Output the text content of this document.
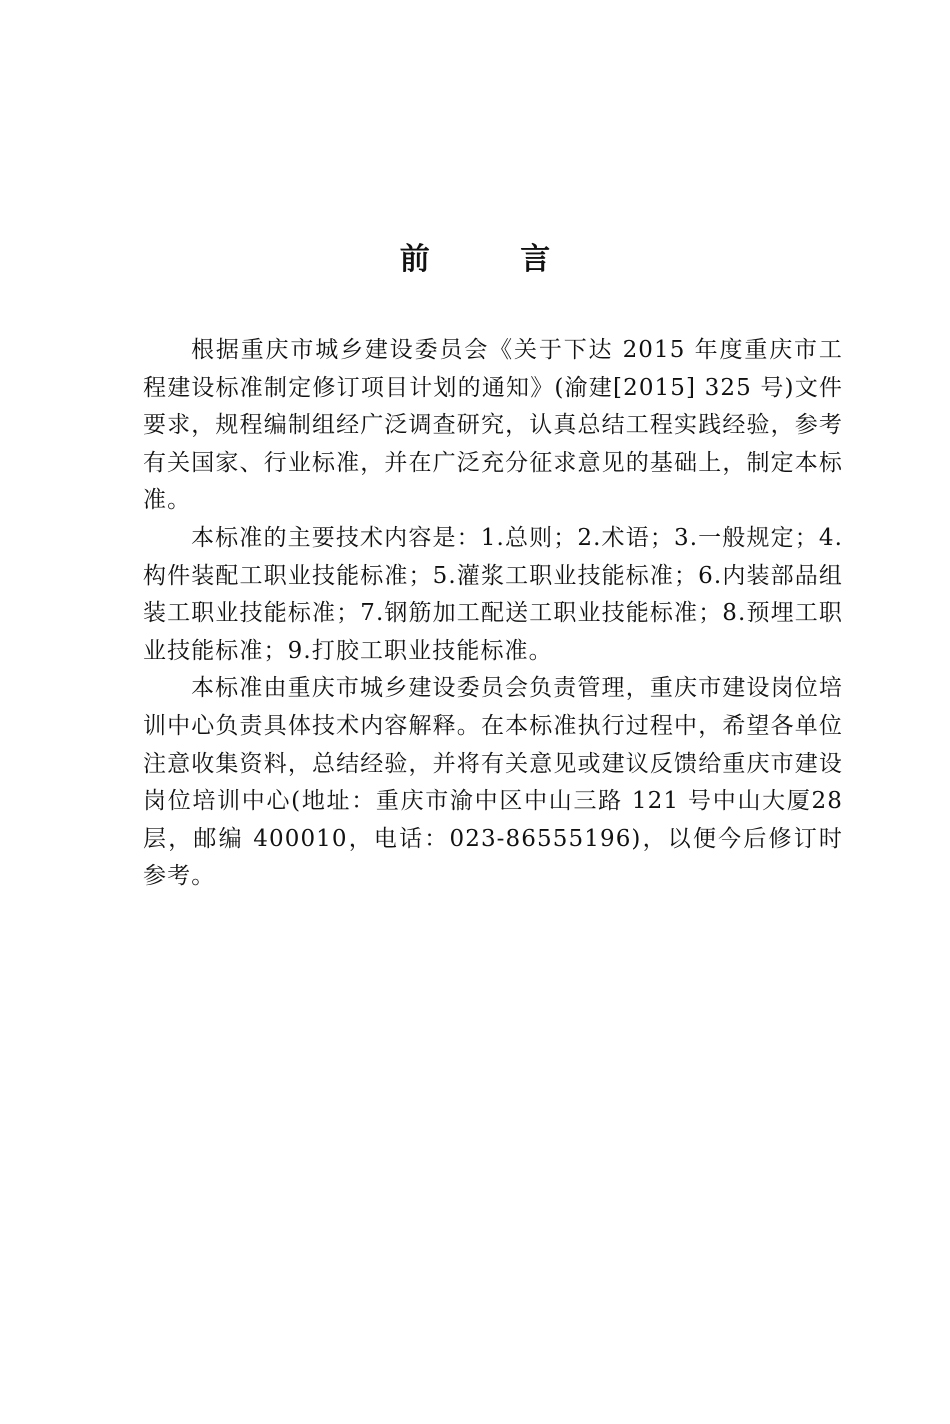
前 言

根据重庆市城乡建设委员会《关于下达 2015 年度重庆市工程建设标准制定修订项目计划的通知》(渝建[2015] 325 号)文件要求，规程编制组经广泛调查研究，认真总结工程实践经验，参考有关国家、行业标准，并在广泛充分征求意见的基础上，制定本标准。

本标准的主要技术内容是：1.总则；2.术语；3.一般规定；4.构件装配工职业技能标准；5.灌浆工职业技能标准；6.内装部品组装工职业技能标准；7.钢筋加工配送工职业技能标准；8.预埋工职业技能标准；9.打胶工职业技能标准。

本标准由重庆市城乡建设委员会负责管理，重庆市建设岗位培训中心负责具体技术内容解释。在本标准执行过程中，希望各单位注意收集资料，总结经验，并将有关意见或建议反馈给重庆市建设岗位培训中心(地址：重庆市渝中区中山三路 121 号中山大厦28层，邮编 400010，电话：023-86555196)，以便今后修订时参考。
